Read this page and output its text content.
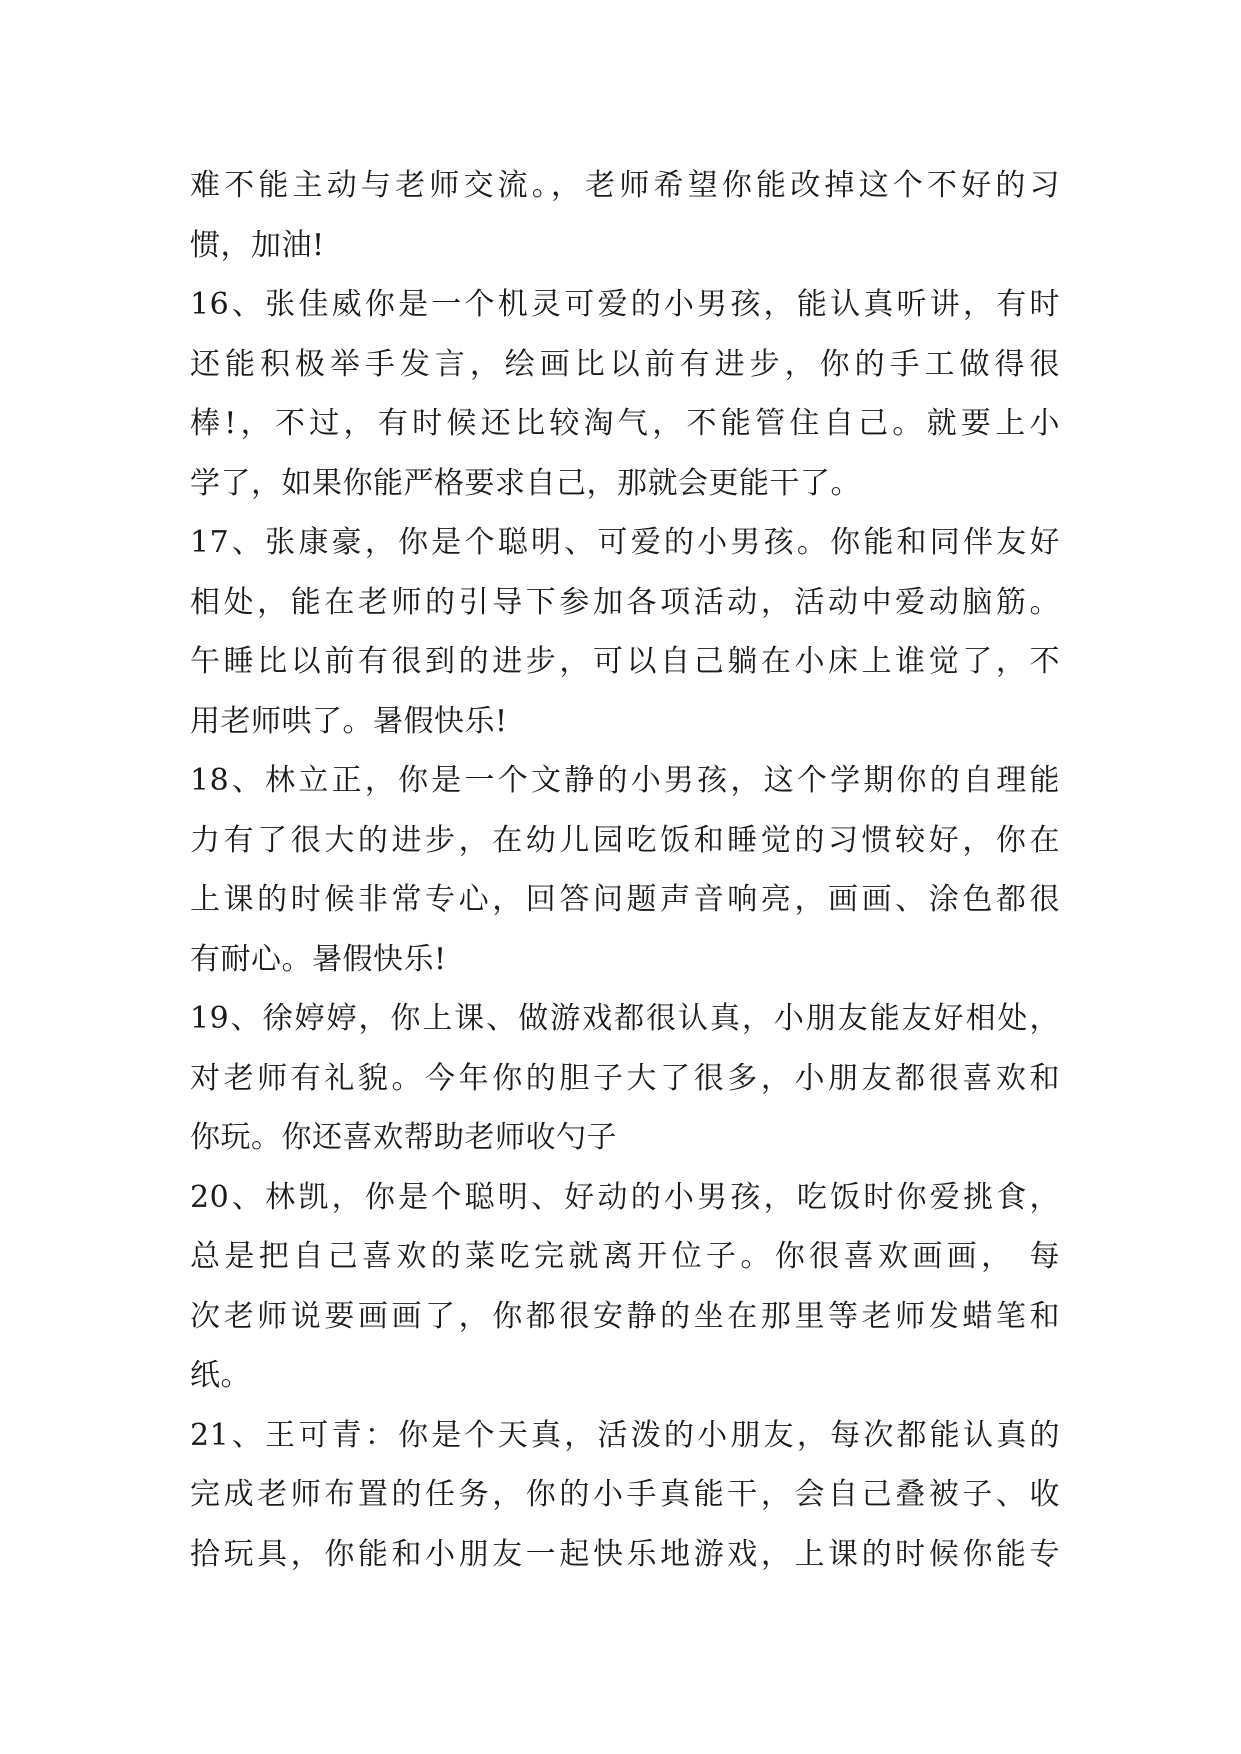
难不能主动与老师交流。，老师希望你能改掉这个不好的习
惯，加油!
16、张佳威你是一个机灵可爱的小男孩，能认真听讲，有时
还能积极举手发言，绘画比以前有进步，你的手工做得很
棒!，不过，有时候还比较淘气，不能管住自己。就要上小
学了，如果你能严格要求自己，那就会更能干了。
17、张康豪，你是个聪明、可爱的小男孩。你能和同伴友好
相处，能在老师的引导下参加各项活动，活动中爱动脑筋。
午睡比以前有很到的进步，可以自己躺在小床上谁觉了，不
用老师哄了。暑假快乐!
18、林立正，你是一个文静的小男孩，这个学期你的自理能
力有了很大的进步，在幼儿园吃饭和睡觉的习惯较好，你在
上课的时候非常专心，回答问题声音响亮，画画、涂色都很
有耐心。暑假快乐!
19、徐婷婷，你上课、做游戏都很认真，小朋友能友好相处，
对老师有礼貌。今年你的胆子大了很多，小朋友都很喜欢和
你玩。你还喜欢帮助老师收勺子
20、林凯，你是个聪明、好动的小男孩，吃饭时你爱挑食，
总是把自己喜欢的菜吃完就离开位子。你很喜欢画画， 每
次老师说要画画了，你都很安静的坐在那里等老师发蜡笔和
纸。
21、王可青：你是个天真，活泼的小朋友，每次都能认真的
完成老师布置的任务，你的小手真能干，会自己叠被子、收
拾玩具，你能和小朋友一起快乐地游戏，上课的时候你能专
